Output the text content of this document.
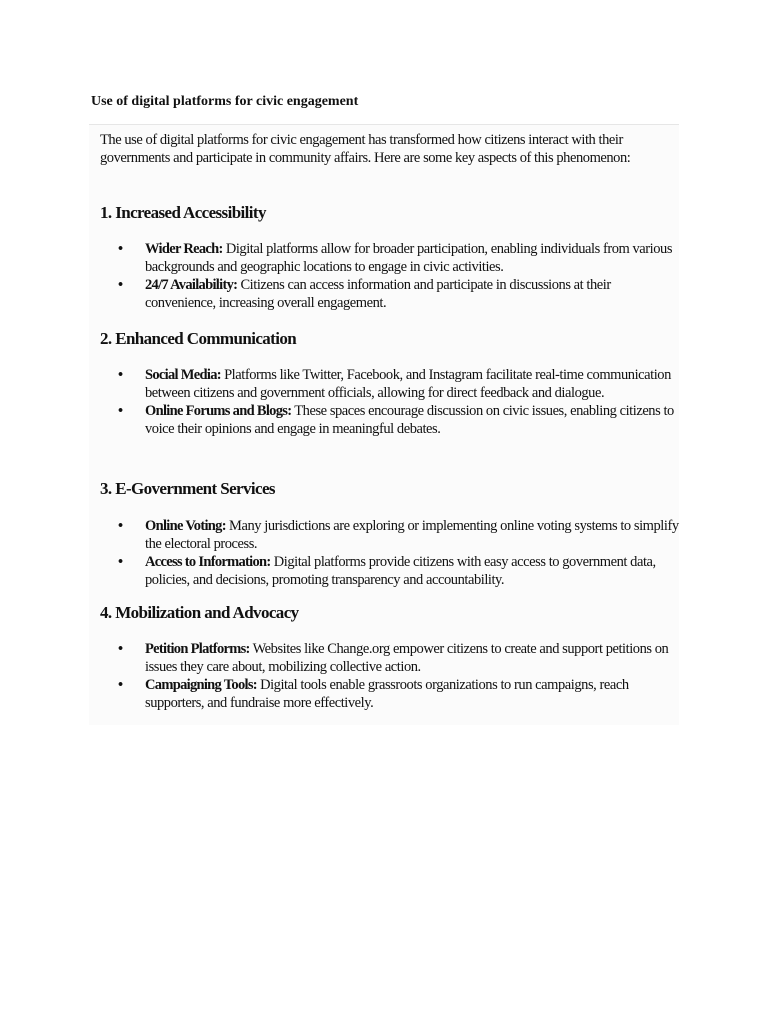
Use of digital platforms for civic engagement

The use of digital platforms for civic engagement has transformed how citizens interact with their governments and participate in community affairs. Here are some key aspects of this phenomenon:

1. Increased Accessibility
• Wider Reach: Digital platforms allow for broader participation, enabling individuals from various backgrounds and geographic locations to engage in civic activities.
• 24/7 Availability: Citizens can access information and participate in discussions at their convenience, increasing overall engagement.
2. Enhanced Communication
• Social Media: Platforms like Twitter, Facebook, and Instagram facilitate real-time communication between citizens and government officials, allowing for direct feedback and dialogue.
• Online Forums and Blogs: These spaces encourage discussion on civic issues, enabling citizens to voice their opinions and engage in meaningful debates.
3. E-Government Services
• Online Voting: Many jurisdictions are exploring or implementing online voting systems to simplify the electoral process.
• Access to Information: Digital platforms provide citizens with easy access to government data, policies, and decisions, promoting transparency and accountability.
4. Mobilization and Advocacy
• Petition Platforms: Websites like Change.org empower citizens to create and support petitions on issues they care about, mobilizing collective action.
• Campaigning Tools: Digital tools enable grassroots organizations to run campaigns, reach supporters, and fundraise more effectively.
